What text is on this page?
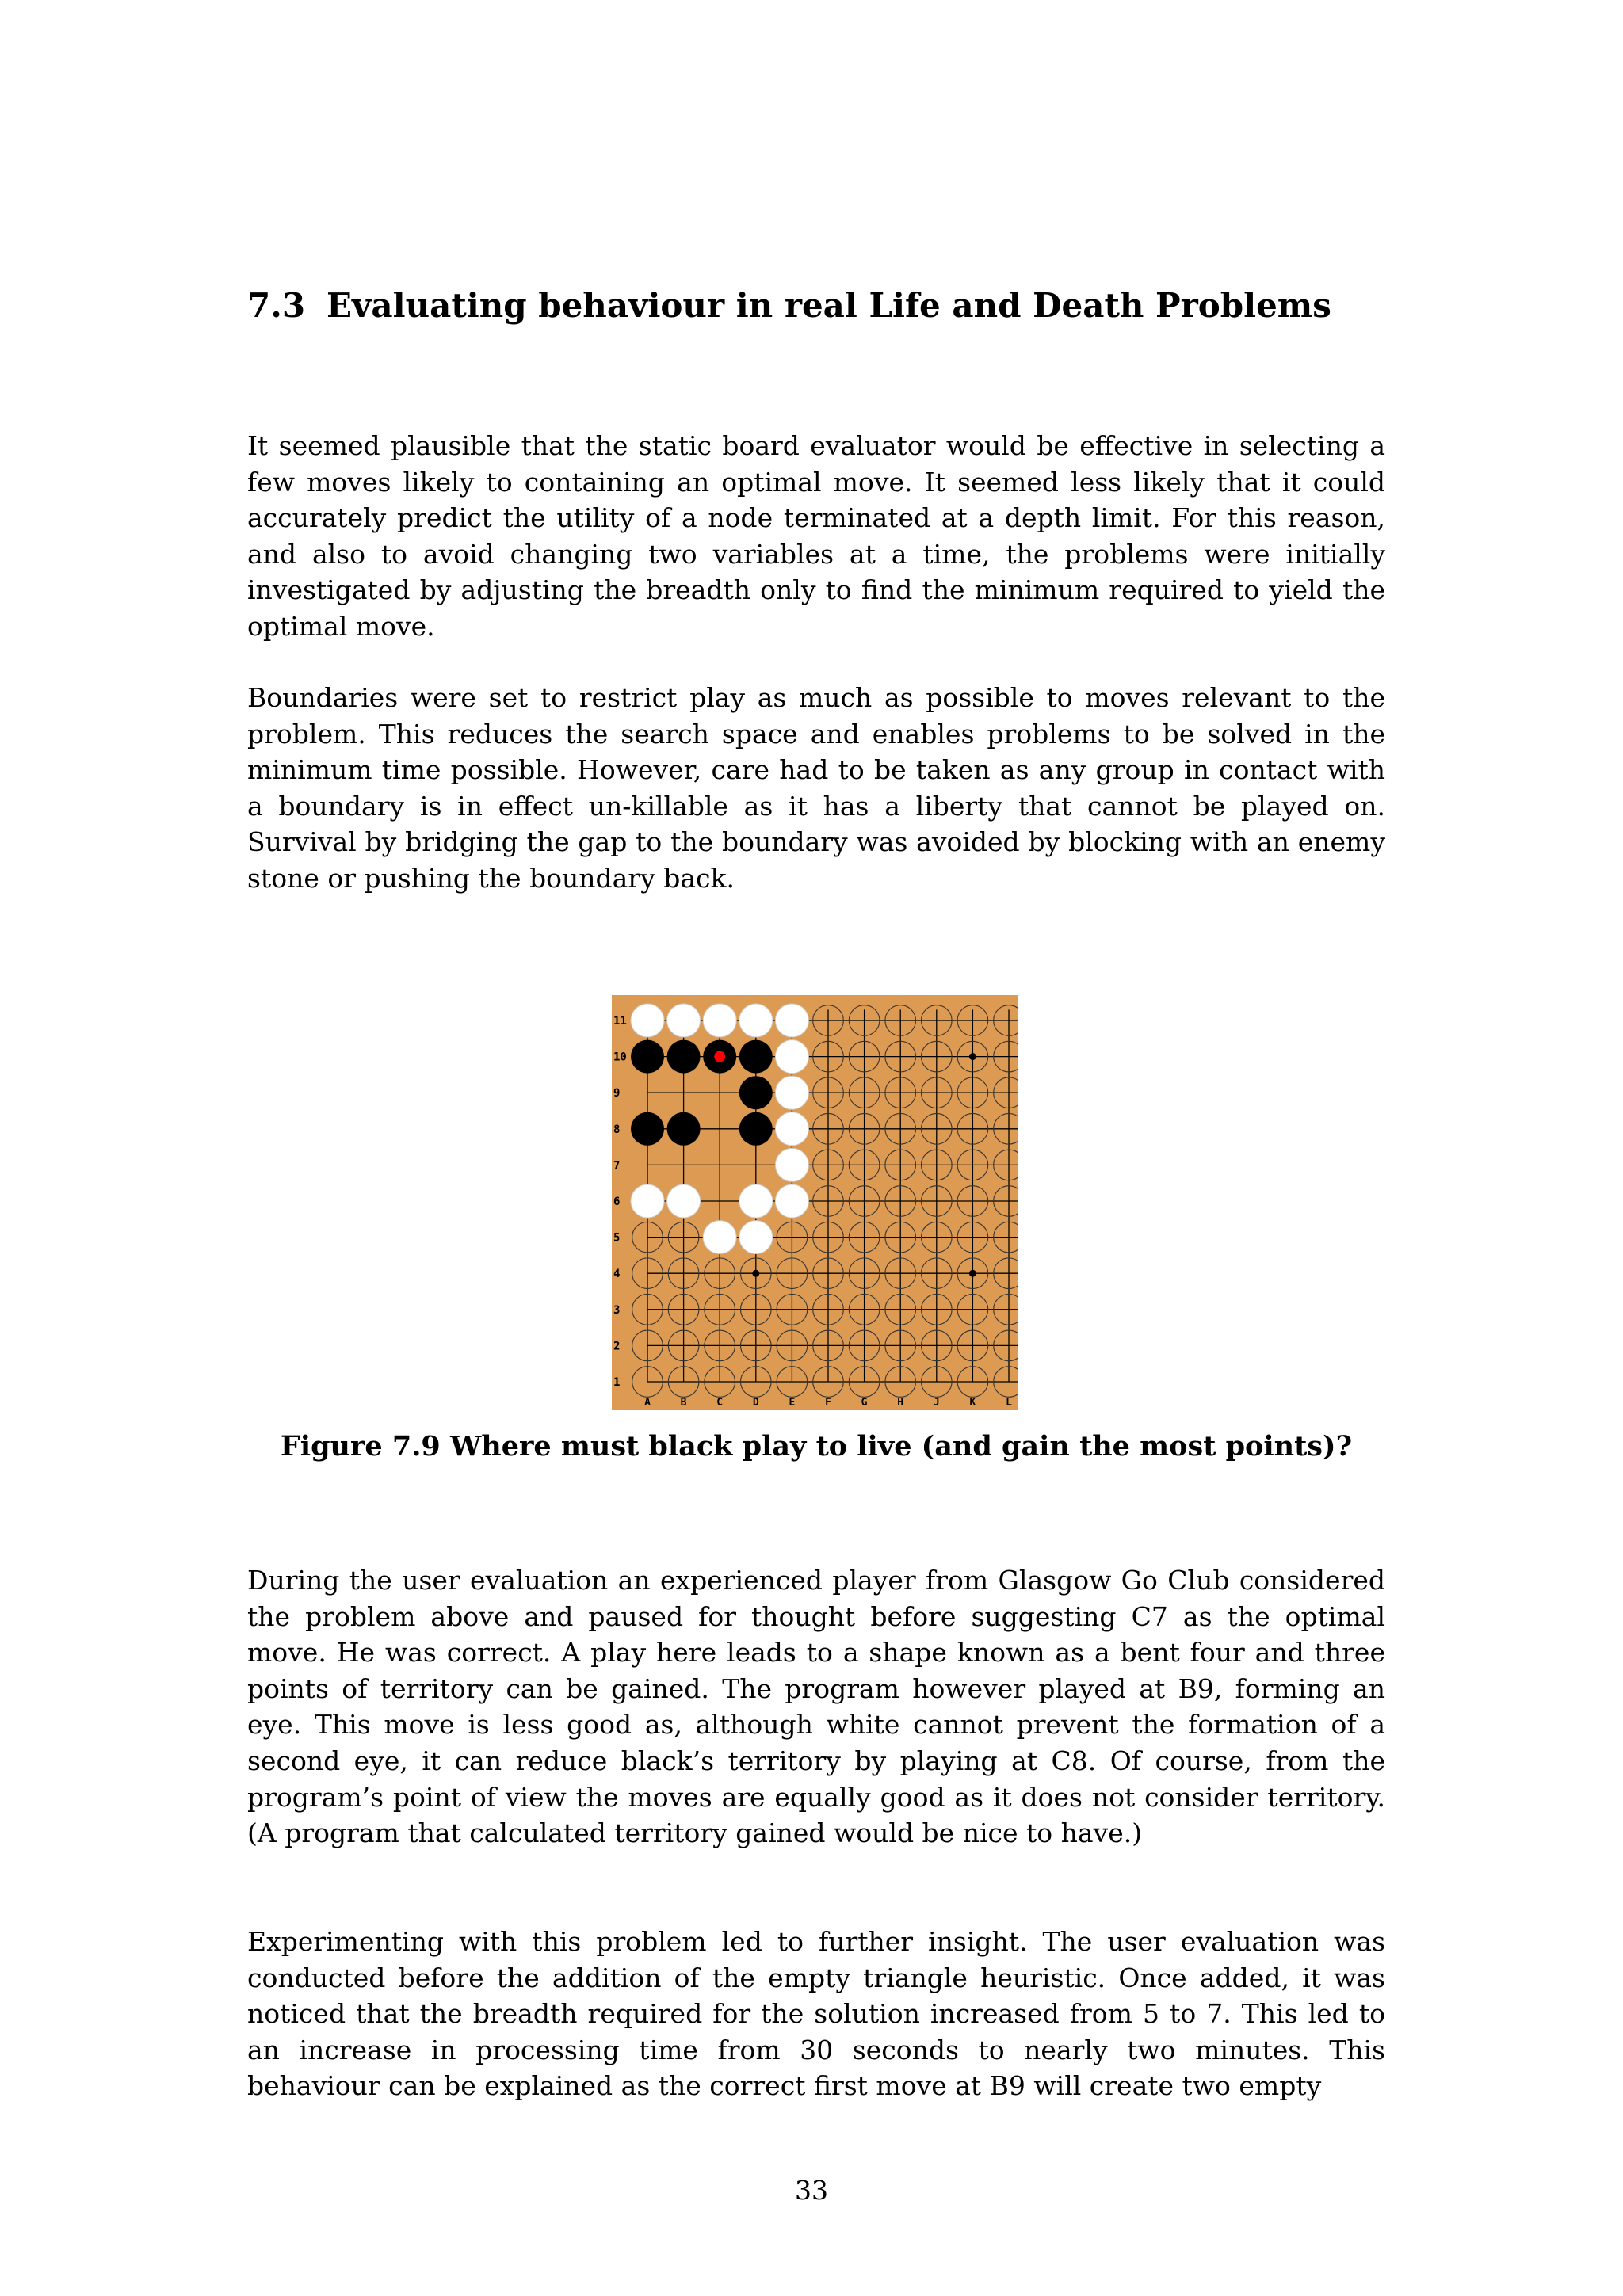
7.3 Evaluating behaviour in real Life and Death Problems

It seemed plausible that the static board evaluator would be effective in selecting a few moves likely to containing an optimal move. It seemed less likely that it could accurately predict the utility of a node terminated at a depth limit. For this reason, and also to avoid changing two variables at a time, the problems were initially investigated by adjusting the breadth only to find the minimum required to yield the optimal move.

Boundaries were set to restrict play as much as possible to moves relevant to the problem. This reduces the search space and enables problems to be solved in the minimum time possible. However, care had to be taken as any group in contact with a boundary is in effect un-killable as it has a liberty that cannot be played on. Survival by bridging the gap to the boundary was avoided by blocking with an enemy stone or pushing the boundary back.

11
10
9
8
7
6
5
4
3
2
1
A	B	C	D	E	F	G	H	J	K	L

Figure 7.9 Where must black play to live (and gain the most points)?

During the user evaluation an experienced player from Glasgow Go Club considered the problem above and paused for thought before suggesting C7 as the optimal move. He was correct. A play here leads to a shape known as a bent four and three points of territory can be gained. The program however played at B9, forming an eye. This move is less good as, although white cannot prevent the formation of a second eye, it can reduce black’s territory by playing at C8. Of course, from the program’s point of view the moves are equally good as it does not consider territory. (A program that calculated territory gained would be nice to have.)

Experimenting with this problem led to further insight. The user evaluation was conducted before the addition of the empty triangle heuristic. Once added, it was noticed that the breadth required for the solution increased from 5 to 7. This led to an increase in processing time from 30 seconds to nearly two minutes. This behaviour can be explained as the correct first move at B9 will create two empty

33
